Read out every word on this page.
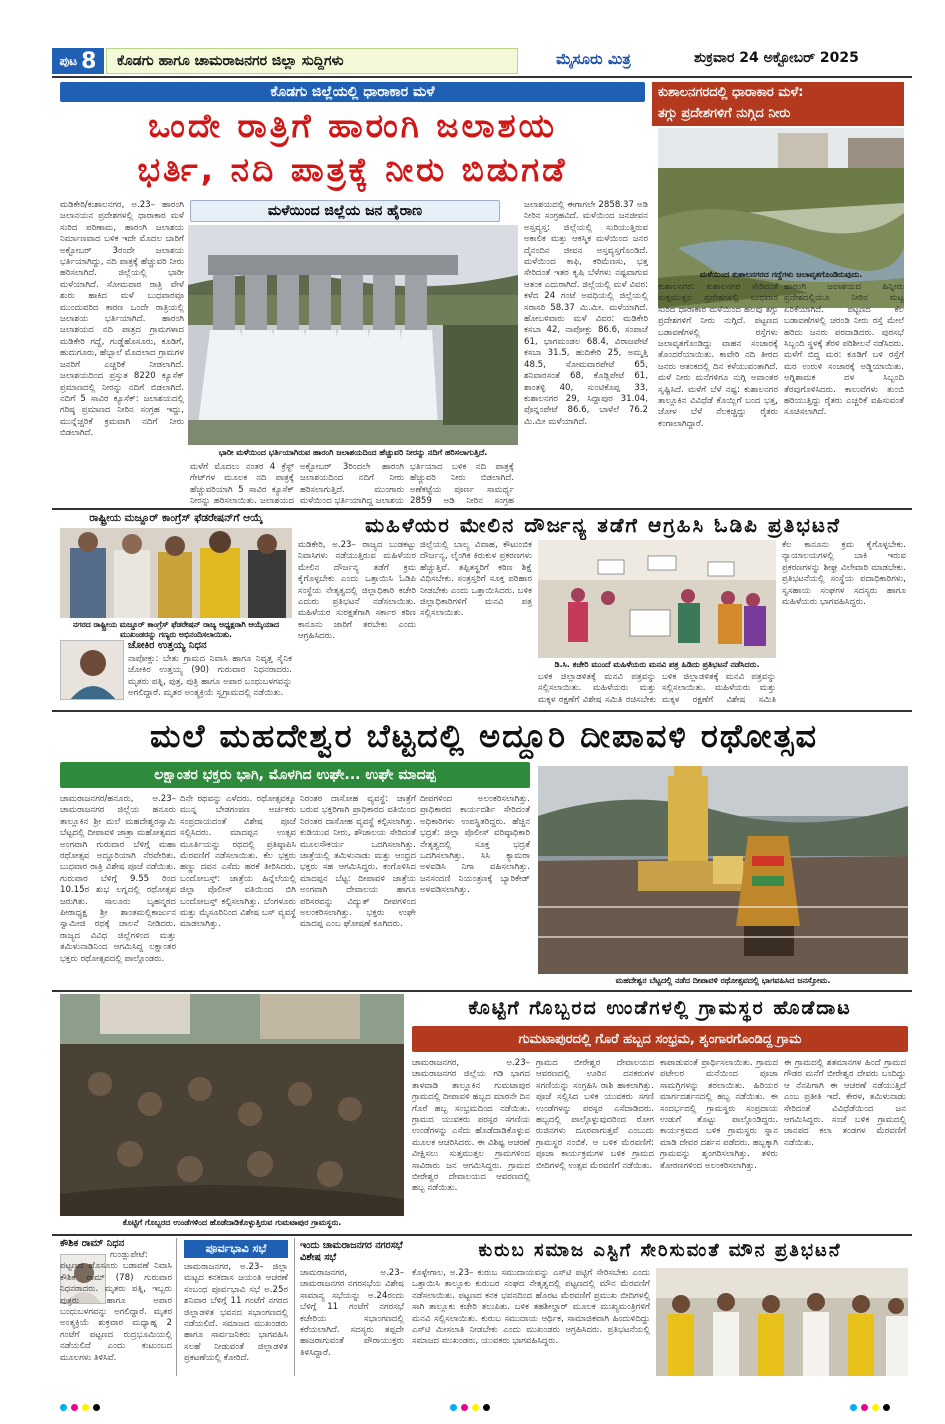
ಪುಟ 8	ಕೊಡಗು ಹಾಗೂ ಚಾಮರಾಜನಗರ ಜಿಲ್ಲಾ ಸುದ್ದಿಗಳು	ಮೈಸೂರು ಮಿತ್ರ	ಶುಕ್ರವಾರ 24 ಅಕ್ಟೋಬರ್ 2025
ಕೊಡಗು ಜಿಲ್ಲೆಯಲ್ಲಿ ಧಾರಾಕಾರ ಮಳೆ
ಒಂದೇ ರಾತ್ರಿಗೆ ಹಾರಂಗಿ ಜಲಾಶಯ
ಭರ್ತಿ, ನದಿ ಪಾತ್ರಕ್ಕೆ ನೀರು ಬಿಡುಗಡೆ
ಮಳೆಯಿಂದ ಜಿಲ್ಲೆಯ ಜನ ಹೈರಾಣ
ಮಡಿಕೇರಿ/ಕುಶಾಲನಗರ, ಅ.23– ಹಾರಂಗಿ ಜಲಾನಯನ ಪ್ರದೇಶಗಳಲ್ಲಿ ಧಾರಾಕಾರ ಮಳೆ ಸುರಿದ ಪರಿಣಾಮ, ಹಾರಂಗಿ ಜಲಾಶಯ ನಿರ್ಮಾಣವಾದ ಬಳಿಕ ಇದೇ ಮೊದಲ ಬಾರಿಗೆ ಅಕ್ಟೋಬರ್ 3ರಂದೇ ಜಲಾಶಯ ಭರ್ತಿಯಾಗಿದ್ದು, ನದಿ ಪಾತ್ರಕ್ಕೆ ಹೆಚ್ಚುವರಿ ನೀರು ಹರಿಸಲಾಗಿದೆ. ಜಿಲ್ಲೆಯಲ್ಲಿ ಭಾರೀ ಮಳೆಯಾಗಿದೆ. ಸೋಮವಾರ ರಾತ್ರಿ ವೇಳೆ ಶುರು ಹಾಕಿದ ಮಳೆ ಬುಧವಾರವೂ ಮುಂದುವರಿದ ಕಾರಣ ಒಂದೇ ರಾತ್ರಿಯಲ್ಲಿ ಜಲಾಶಯ ಭರ್ತಿಯಾಗಿದೆ. ಹಾರಂಗಿ ಜಲಾಶಯದ ನದಿ ಪಾತ್ರದ ಗ್ರಾಮಗಳಾದ ಮಡಿಕೇರಿ ಗದ್ದೆ, ಗುಡ್ಡೆಹೊಸೂರು, ಕೂಡಿಗೆ, ಹುದುಗೂರು, ಹೆಬ್ಬಾಲೆ ಮೊದಲಾದ ಗ್ರಾಮಗಳ ಜನರಿಗೆ ಎಚ್ಚರಿಕೆ ನೀಡಲಾಗಿದೆ. ಜಲಾಶಯದಿಂದ ಪ್ರಸ್ತುತ 8220 ಕ್ಯೂಸೆಕ್ ಪ್ರಮಾಣದಲ್ಲಿ ನೀರನ್ನು ನದಿಗೆ ಬಿಡಲಾಗಿದೆ. ನದಿಗೆ 5 ಸಾವಿರ ಕ್ಯೂಸೆಕ್: ಜಲಾಶಯದಲ್ಲಿ ಗರಿಷ್ಠ ಪ್ರಮಾಣದ ನೀರಿನ ಸಂಗ್ರಹ ಇದ್ದು, ಮುನ್ನೆಚ್ಚರಿಕೆ ಕ್ರಮವಾಗಿ ನದಿಗೆ ನೀರು ಬಿಡಲಾಗಿದೆ.
ಭಾರೀ ಮಳೆಯಿಂದ ಭರ್ತಿಯಾಗಿರುವ ಹಾರಂಗಿ ಜಲಾಶಯದಿಂದ ಹೆಚ್ಚುವರಿ ನೀರನ್ನು ನದಿಗೆ ಹರಿಸಲಾಗುತ್ತಿದೆ.
ಜಲಾಶಯದಲ್ಲಿ ಈಗಾಗಲೇ 2858.37 ಅಡಿ ನೀರಿನ ಸಂಗ್ರಹವಿದೆ. ಮಳೆಯಿಂದ ಜನಜೀವನ ಅಸ್ತವ್ಯಸ್ತ: ಜಿಲ್ಲೆಯಲ್ಲಿ ಸುರಿಯುತ್ತಿರುವ ಅಕಾಲಿಕ ಮತ್ತು ಆಕಸ್ಮಿಕ ಮಳೆಯಿಂದ ಜನರ ದೈನಂದಿನ ಜೀವನ ಅಸ್ತವ್ಯಸ್ತಗೊಂಡಿದೆ. ಮಳೆಯಿಂದ ಕಾಫಿ, ಕರಿಮೆಣಸು, ಭತ್ತ ಸೇರಿದಂತೆ ಇತರ ಕೃಷಿ ಬೆಳೆಗಳು ನಷ್ಟವಾಗುವ ಆತಂಕ ಎದುರಾಗಿದೆ. ಜಿಲ್ಲೆಯಲ್ಲಿ ಮಳೆ ವಿವರ: ಕಳೆದ 24 ಗಂಟೆ ಅವಧಿಯಲ್ಲಿ ಜಿಲ್ಲೆಯಲ್ಲಿ ಸರಾಸರಿ 58.37 ಮಿ.ಮೀ. ಮಳೆಯಾಗಿದೆ. ಹೋಬಳಿವಾರು ಮಳೆ ವಿವರ: ಮಡಿಕೇರಿ ಕಸಬಾ 42, ನಾಪೋಕ್ಲು 86.6, ಸಂಪಾಜೆ 61, ಭಾಗಮಂಡಲ 68.4, ವಿರಾಜಪೇಟೆ ಕಸಬಾ 31.5, ಹುದಿಕೇರಿ 25, ಅಮ್ಮತ್ತಿ 48.5, ಸೋಮವಾರಪೇಟೆ 65, ಶನಿವಾರಸಂತೆ 68, ಕೊಡ್ಲಿಪೇಟೆ 61, ಶಾಂತಳ್ಳಿ 40, ಸುಂಟಿಕೊಪ್ಪ 33, ಕುಶಾಲನಗರ 29, ಸಿದ್ದಾಪುರ 31.04, ಪೊನ್ನಂಪೇಟೆ 86.6, ಬಾಳೆಲೆ 76.2 ಮಿ.ಮೀ ಮಳೆಯಾಗಿದೆ.
ಮಳೆಗೆ ಮೊದಲು ನಂತರ 4 ಕ್ರೆಸ್ಟ್ ಗೇಟ್‌ಗಳ ಮೂಲಕ ನದಿ ಪಾತ್ರಕ್ಕೆ ಹೆಚ್ಚುವರಿಯಾಗಿ 5 ಸಾವಿರ ಕ್ಯೂಸೆಕ್ ನೀರನ್ನು ಹರಿಸಲಾಯಿತು. ಜಲಾಶಯದ
ಅಕ್ಟೋಬರ್ 3ರಿಂದಲೇ ಹಾರಂಗಿ ಜಲಾಶಯದಿಂದ ನದಿಗೆ ನೀರು ಹರಿಸಲಾಗುತ್ತಿದೆ. ಮುಂಗಾರು ಮಳೆಯಿಂದ ಭರ್ತಿಯಾಗಿದ್ದ ಜಲಾಶಯ
ಭರ್ತಿಯಾದ ಬಳಿಕ ನದಿ ಪಾತ್ರಕ್ಕೆ ಹೆಚ್ಚುವರಿ ನೀರು ಬಿಡಲಾಗಿದೆ. ಅಣೆಕಟ್ಟೆಯ ಪೂರ್ಣ ಸಾಮರ್ಥ್ಯ 2859 ಅಡಿ ನೀರಿನ ಸಂಗ್ರಹ
ಕುಶಾಲನಗರದಲ್ಲಿ ಧಾರಾಕಾರ ಮಳೆ:
ತಗ್ಗು ಪ್ರದೇಶಗಳಿಗೆ ನುಗ್ಗಿದ ನೀರು
ಮಳೆಯಿಂದ ಕುಶಾಲನಗರದ ಗದ್ದೆಗಳು ಜಲಾವೃತಗೊಂಡಿರುವುದು.
ಕುಶಾಲನಗರ: ಕುಶಾಲನಗರ ಸೇರಿದಂತೆ ಸುತ್ತಮುತ್ತಲ ಪ್ರದೇಶಗಳಲ್ಲಿ ಬುಧವಾರ ಸುರಿದ ಧಾರಾಕಾರ ಮಳೆಯಿಂದ ಹಲವು ತಗ್ಗು ಪ್ರದೇಶಗಳಿಗೆ ನೀರು ನುಗ್ಗಿದೆ. ಪಟ್ಟಣದ ಬಡಾವಣೆಗಳಲ್ಲಿ ರಸ್ತೆಗಳು ಜಲಾವೃತಗೊಂಡಿದ್ದು ವಾಹನ ಸಂಚಾರಕ್ಕೆ ತೊಂದರೆಯಾಯಿತು. ಕಾವೇರಿ ನದಿ ತೀರದ ಜನರು ಆತಂಕದಲ್ಲಿ ದಿನ ಕಳೆಯುವಂತಾಗಿದೆ. ಮಳೆ ನೀರು ಮನೆಗಳಿಗೂ ನುಗ್ಗಿ ಅವಾಂತರ ಸೃಷ್ಟಿಸಿದೆ. ಮಳೆಗೆ ಬೆಳೆ ನಷ್ಟ: ಕುಶಾಲನಗರ ತಾಲ್ಲೂಕಿನ ವಿವಿಧೆಡೆ ಕೊಯ್ಲಿಗೆ ಬಂದ ಭತ್ತ, ಜೋಳ ಬೆಳೆ ನೆಲಕಚ್ಚಿದ್ದು ರೈತರು ಕಂಗಾಲಾಗಿದ್ದಾರೆ.
ಹಾರಂಗಿ ಜಲಾಶಯದ ಹಿನ್ನೀರು ಪ್ರದೇಶದಲ್ಲಿಯೂ ನೀರಿನ ಮಟ್ಟ ಏರಿಕೆಯಾಗಿದೆ. ಪಟ್ಟಣದ ಕೆಲ ಬಡಾವಣೆಗಳಲ್ಲಿ ಚರಂಡಿ ನೀರು ರಸ್ತೆ ಮೇಲೆ ಹರಿದು ಜನರು ಪರದಾಡಿದರು. ಪುರಸಭೆ ಸಿಬ್ಬಂದಿ ಸ್ಥಳಕ್ಕೆ ತೆರಳಿ ಪರಿಶೀಲನೆ ನಡೆಸಿದರು. ಮಳೆಗೆ ಬಿದ್ದ ಮರ: ಕೂಡಿಗೆ ಬಳಿ ರಸ್ತೆಗೆ ಮರ ಉರುಳಿ ಸಂಚಾರಕ್ಕೆ ಅಡ್ಡಿಯಾಯಿತು. ಅಗ್ನಿಶಾಮಕ ದಳ ಸಿಬ್ಬಂದಿ ತೆರವುಗೊಳಿಸಿದರು. ಕಾಲುವೆಗಳು ತುಂಬಿ ಹರಿಯುತ್ತಿದ್ದು ರೈತರು ಎಚ್ಚರಿಕೆ ವಹಿಸುವಂತೆ ಸೂಚಿಸಲಾಗಿದೆ.
ರಾಷ್ಟ್ರೀಯ ಮಜ್ದೂರ್ ಕಾಂಗ್ರೆಸ್ ಫೆಡರೇಷನ್‌ಗೆ ಆಯ್ಕೆ
ನಗರದ ರಾಷ್ಟ್ರೀಯ ಮಜ್ದೂರ್ ಕಾಂಗ್ರೆಸ್ ಫೆಡರೇಷನ್ ರಾಜ್ಯ ಅಧ್ಯಕ್ಷರಾಗಿ ಆಯ್ಕೆಯಾದ ಮುಖಂಡರನ್ನು ಗಣ್ಯರು ಅಭಿನಂದಿಸಲಾಯಿತು.
ಚೋಕಿರ ಉತ್ತಯ್ಯ ನಿಧನ
ನಾಪೋಕ್ಲು: ಬೇತು ಗ್ರಾಮದ ನಿವಾಸಿ ಹಾಗೂ ನಿವೃತ್ತ ಸೈನಿಕ ಚೋಕಿರ ಉತ್ತಯ್ಯ (90) ಗುರುವಾರ ನಿಧನರಾದರು. ಮೃತರು ಪತ್ನಿ, ಪುತ್ರ, ಪುತ್ರಿ ಹಾಗೂ ಅಪಾರ ಬಂಧುಬಳಗವನ್ನು ಅಗಲಿದ್ದಾರೆ. ಮೃತರ ಅಂತ್ಯಕ್ರಿಯೆ ಸ್ವಗ್ರಾಮದಲ್ಲಿ ನಡೆಯಿತು.
ಮಹಿಳೆಯರ ಮೇಲಿನ ದೌರ್ಜನ್ಯ ತಡೆಗೆ ಆಗ್ರಹಿಸಿ ಓಡಿಪಿ ಪ್ರತಿಭಟನೆ
ಮಡಿಕೇರಿ, ಅ.23– ರಾಜ್ಯದ ಬುಡಕಟ್ಟು ನಿವಾಸಿಗಳು ನಡೆಯುತ್ತಿರುವ ಮಹಿಳೆಯರ ಮೇಲಿನ ದೌರ್ಜನ್ಯ ತಡೆಗೆ ಕ್ರಮ ಕೈಗೊಳ್ಳಬೇಕು ಎಂದು ಒತ್ತಾಯಿಸಿ ಓಡಿಪಿ ಸಂಸ್ಥೆಯ ನೇತೃತ್ವದಲ್ಲಿ ಜಿಲ್ಲಾಧಿಕಾರಿ ಕಚೇರಿ ಎದುರು ಪ್ರತಿಭಟನೆ ನಡೆಸಲಾಯಿತು. ಮಹಿಳೆಯರ ಸುರಕ್ಷತೆಗಾಗಿ ಸರ್ಕಾರ ಕಠಿಣ ಕಾನೂನು ಜಾರಿಗೆ ತರಬೇಕು ಎಂದು ಆಗ್ರಹಿಸಿದರು.
ಜಿಲ್ಲೆಯಲ್ಲಿ ಬಾಲ್ಯ ವಿವಾಹ, ಕೌಟುಂಬಿಕ ದೌರ್ಜನ್ಯ, ಲೈಂಗಿಕ ಕಿರುಕುಳ ಪ್ರಕರಣಗಳು ಹೆಚ್ಚುತ್ತಿವೆ. ತಪ್ಪಿತಸ್ಥರಿಗೆ ಕಠಿಣ ಶಿಕ್ಷೆ ವಿಧಿಸಬೇಕು. ಸಂತ್ರಸ್ತರಿಗೆ ಸೂಕ್ತ ಪರಿಹಾರ ನೀಡಬೇಕು ಎಂದು ಒತ್ತಾಯಿಸಿದರು. ಬಳಿಕ ಜಿಲ್ಲಾಧಿಕಾರಿಗಳಿಗೆ ಮನವಿ ಪತ್ರ ಸಲ್ಲಿಸಲಾಯಿತು.
ಡಿ.ಸಿ. ಕಚೇರಿ ಮುಂದೆ ಮಹಿಳೆಯರು ಮನವಿ ಪತ್ರ ಹಿಡಿದು ಪ್ರತಿಭಟನೆ ನಡೆಸಿದರು.
ಬಳಿಕ ಜಿಲ್ಲಾಡಳಿತಕ್ಕೆ ಮನವಿ ಪತ್ರವನ್ನು ಸಲ್ಲಿಸಲಾಯಿತು. ಮಹಿಳೆಯರು ಮತ್ತು ಮಕ್ಕಳ ರಕ್ಷಣೆಗೆ ವಿಶೇಷ ಸಮಿತಿ ರಚಿಸಬೇಕು
ಬಳಿಕ ಜಿಲ್ಲಾಡಳಿತಕ್ಕೆ ಮನವಿ ಪತ್ರವನ್ನು ಸಲ್ಲಿಸಲಾಯಿತು. ಮಹಿಳೆಯರು ಮತ್ತು ಮಕ್ಕಳ ರಕ್ಷಣೆಗೆ ವಿಶೇಷ ಸಮಿತಿ
ಕೆಲ ಕಾನೂನು ಕ್ರಮ ಕೈಗೊಳ್ಳಬೇಕು. ನ್ಯಾಯಾಲಯಗಳಲ್ಲಿ ಬಾಕಿ ಇರುವ ಪ್ರಕರಣಗಳನ್ನು ಶೀಘ್ರ ವಿಲೇವಾರಿ ಮಾಡಬೇಕು. ಪ್ರತಿಭಟನೆಯಲ್ಲಿ ಸಂಸ್ಥೆಯ ಪದಾಧಿಕಾರಿಗಳು, ಸ್ವಸಹಾಯ ಸಂಘಗಳ ಸದಸ್ಯರು ಹಾಗೂ ಮಹಿಳೆಯರು ಭಾಗವಹಿಸಿದ್ದರು.
ಮಲೆ ಮಹದೇಶ್ವರ ಬೆಟ್ಟದಲ್ಲಿ ಅದ್ದೂರಿ ದೀಪಾವಳಿ ರಥೋತ್ಸವ
ಲಕ್ಷಾಂತರ ಭಕ್ತರು ಭಾಗಿ, ಮೊಳಗಿದ ಉಘೇ... ಉಘೇ ಮಾದಪ್ಪ
ಚಾಮರಾಜನಗರ/ಹನೂರು, ಅ.23– ಚಾಮರಾಜನಗರ ಜಿಲ್ಲೆಯ ಹನೂರು ತಾಲ್ಲೂಕಿನ ಶ್ರೀ ಮಲೆ ಮಹದೇಶ್ವರಸ್ವಾಮಿ ಬೆಟ್ಟದಲ್ಲಿ ದೀಪಾವಳಿ ಜಾತ್ರಾ ಮಹೋತ್ಸವದ ಅಂಗವಾಗಿ ಗುರುವಾರ ಬೆಳಿಗ್ಗೆ ಮಹಾ ರಥೋತ್ಸವ ಅದ್ದೂರಿಯಾಗಿ ನೆರವೇರಿತು. ಬುಧವಾರ ರಾತ್ರಿ ವಿಶೇಷ ಪೂಜೆ ನಡೆಯಿತು. ಗುರುವಾರ ಬೆಳಿಗ್ಗೆ 9.55 ರಿಂದ 10.15ರ ಶುಭ ಲಗ್ನದಲ್ಲಿ ರಥೋತ್ಸವ ಜರುಗಿತು. ಸಾಲೂರು ಬೃಹನ್ಮಠದ ಪೀಠಾಧ್ಯಕ್ಷ ಶ್ರೀ ಶಾಂತಮಲ್ಲಿಕಾರ್ಜುನ ಸ್ವಾಮೀಜಿ ರಥಕ್ಕೆ ಚಾಲನೆ ನೀಡಿದರು. ರಾಜ್ಯದ ವಿವಿಧ ಜಿಲ್ಲೆಗಳಿಂದ ಮತ್ತು ತಮಿಳುನಾಡಿನಿಂದ ಆಗಮಿಸಿದ್ದ ಲಕ್ಷಾಂತರ ಭಕ್ತರು ರಥೋತ್ಸವದಲ್ಲಿ ಪಾಲ್ಗೊಂಡರು.
ದಿನೇ ರಥವನ್ನು ಎಳೆದರು. ರಥೋತ್ಸವಕ್ಕೂ ಮುನ್ನ ಬೇಡಗಂಪಣ ಅರ್ಚಕರು ಸಂಪ್ರದಾಯದಂತೆ ವಿಶೇಷ ಪೂಜೆ ಸಲ್ಲಿಸಿದರು. ಮಾದಪ್ಪನ ಉತ್ಸವ ಮೂರ್ತಿಯನ್ನು ರಥದಲ್ಲಿ ಪ್ರತಿಷ್ಠಾಪಿಸಿ ಮೆರವಣಿಗೆ ನಡೆಸಲಾಯಿತು. ಕೆಲ ಭಕ್ತರು ಹಣ್ಣು ದವನ ಎಸೆದು ಹರಕೆ ತೀರಿಸಿದರು. ಬಂದೋಬಸ್ತ್: ಜಾತ್ರೆಯ ಹಿನ್ನೆಲೆಯಲ್ಲಿ ಜಿಲ್ಲಾ ಪೊಲೀಸ್ ವತಿಯಿಂದ ಬಿಗಿ ಬಂದೋಬಸ್ತ್ ಕಲ್ಪಿಸಲಾಗಿತ್ತು. ಬೆಂಗಳೂರು ಮತ್ತು ಮೈಸೂರಿನಿಂದ ವಿಶೇಷ ಬಸ್ ವ್ಯವಸ್ಥೆ ಮಾಡಲಾಗಿತ್ತು.
ನಿರಂತರ ದಾಸೋಹ ವ್ಯವಸ್ಥೆ: ಜಾತ್ರೆಗೆ ಬರುವ ಭಕ್ತರಿಗಾಗಿ ಪ್ರಾಧಿಕಾರದ ವತಿಯಿಂದ ನಿರಂತರ ದಾಸೋಹ ವ್ಯವಸ್ಥೆ ಕಲ್ಪಿಸಲಾಗಿತ್ತು. ಕುಡಿಯುವ ನೀರು, ಶೌಚಾಲಯ ಸೇರಿದಂತೆ ಮೂಲಸೌಕರ್ಯ ಒದಗಿಸಲಾಗಿತ್ತು. ಜಾತ್ರೆಯಲ್ಲಿ ತಮಿಳುನಾಡು ಮತ್ತು ಆಂಧ್ರದ ಭಕ್ತರು ಸಹ ಆಗಮಿಸಿದ್ದರು. ಕಂಗೊಳಿಸಿದ ಮಾದಪ್ಪನ ಬೆಟ್ಟ: ದೀಪಾವಳಿ ಜಾತ್ರೆಯ ಅಂಗವಾಗಿ ದೇವಾಲಯ ಹಾಗೂ ಪರಿಸರವನ್ನು ವಿದ್ಯುತ್ ದೀಪಗಳಿಂದ ಅಲಂಕರಿಸಲಾಗಿತ್ತು. ಭಕ್ತರು ಉಘೇ ಮಾದಪ್ಪ ಎಂಬ ಘೋಷಣೆ ಕೂಗಿದರು.
ದೀಪಗಳಿಂದ ಅಲಂಕರಿಸಲಾಗಿತ್ತು. ಪ್ರಾಧಿಕಾರದ ಕಾರ್ಯದರ್ಶಿ ಸೇರಿದಂತೆ ಅಧಿಕಾರಿಗಳು ಉಪಸ್ಥಿತರಿದ್ದರು. ಹೆಚ್ಚಿನ ಭದ್ರತೆ: ಜಿಲ್ಲಾ ಪೊಲೀಸ್ ವರಿಷ್ಠಾಧಿಕಾರಿ ನೇತೃತ್ವದಲ್ಲಿ ಸೂಕ್ತ ಭದ್ರತೆ ಒದಗಿಸಲಾಗಿತ್ತು. ಸಿಸಿ ಕ್ಯಾಮರಾ ಅಳವಡಿಸಿ ನಿಗಾ ವಹಿಸಲಾಗಿತ್ತು. ಜನಸಂದಣಿ ನಿಯಂತ್ರಣಕ್ಕೆ ಬ್ಯಾರಿಕೇಡ್ ಅಳವಡಿಸಲಾಗಿತ್ತು.
ಮಹದೇಶ್ವರ ಬೆಟ್ಟದಲ್ಲಿ ನಡೆದ ದೀಪಾವಳಿ ರಥೋತ್ಸವದಲ್ಲಿ ಭಾಗವಹಿಸಿದ ಜನಸ್ತೋಮ.
ಕೊಟ್ಟಿಗೆ ಗೊಬ್ಬರದ ಉಂಡೆಗಳಿಂದ ಹೊಡೆದಾಡಿಕೊಳ್ಳುತ್ತಿರುವ ಗುಮಟಾಪುರ ಗ್ರಾಮಸ್ಥರು.
ಕೊಟ್ಟಿಗೆ ಗೊಬ್ಬರದ ಉಂಡೆಗಳಲ್ಲಿ ಗ್ರಾಮಸ್ಥರ ಹೊಡೆದಾಟ
ಗುಮಟಾಪುರದಲ್ಲಿ ಗೊರೆ ಹಬ್ಬದ ಸಂಭ್ರಮ, ಶೃಂಗಾರಗೊಂಡಿದ್ದ ಗ್ರಾಮ
ಚಾಮರಾಜನಗರ, ಅ.23– ಚಾಮರಾಜನಗರ ಜಿಲ್ಲೆಯ ಗಡಿ ಭಾಗದ ತಾಳವಾಡಿ ತಾಲ್ಲೂಕಿನ ಗುಮಟಾಪುರ ಗ್ರಾಮದಲ್ಲಿ ದೀಪಾವಳಿ ಹಬ್ಬದ ಮಾರನೇ ದಿನ ಗೊರೆ ಹಬ್ಬ ಸಂಭ್ರಮದಿಂದ ನಡೆಯಿತು. ಗ್ರಾಮದ ಯುವಕರು ಪರಸ್ಪರ ಸಗಣಿಯ ಉಂಡೆಗಳನ್ನು ಎಸೆದು ಹೊಡೆದಾಡಿಕೊಳ್ಳುವ ಮೂಲಕ ಆಚರಿಸಿದರು. ಈ ವಿಶಿಷ್ಟ ಆಚರಣೆ ವೀಕ್ಷಿಸಲು ಸುತ್ತಮುತ್ತಲ ಗ್ರಾಮಗಳಿಂದ ಸಾವಿರಾರು ಜನ ಆಗಮಿಸಿದ್ದರು. ಗ್ರಾಮದ ಬೀರೇಶ್ವರ ದೇವಾಲಯದ ಆವರಣದಲ್ಲಿ ಹಬ್ಬ ನಡೆಯಿತು.
ಗ್ರಾಮದ ಬೀರೇಶ್ವರ ದೇವಾಲಯದ ಆವರಣದಲ್ಲಿ ಊರಿನ ದನಕರುಗಳ ಸಗಣಿಯನ್ನು ಸಂಗ್ರಹಿಸಿ ರಾಶಿ ಹಾಕಲಾಗಿತ್ತು. ಪೂಜೆ ಸಲ್ಲಿಸಿದ ಬಳಿಕ ಯುವಕರು ಸಗಣಿ ಉಂಡೆಗಳನ್ನು ಪರಸ್ಪರ ಎಸೆದಾಡಿದರು. ಹಬ್ಬದಲ್ಲಿ ಪಾಲ್ಗೊಳ್ಳುವುದರಿಂದ ರೋಗ ರುಜಿನಗಳು ದೂರವಾಗುತ್ತವೆ ಎಂಬುದು ಗ್ರಾಮಸ್ಥರ ನಂಬಿಕೆ. ಆ ಬಳಿಕ ಮೆರವಣಿಗೆ: ಪೂಜಾ ಕಾರ್ಯಕ್ರಮಗಳ ಬಳಿಕ ಗ್ರಾಮದ ಬೀದಿಗಳಲ್ಲಿ ಉತ್ಸವ ಮೆರವಣಿಗೆ ನಡೆಯಿತು.
ಕಾಪಾಡುವಂತೆ ಪ್ರಾರ್ಥಿಸಲಾಯಿತು. ಗ್ರಾಮದ ಪಟೇಲರ ಮನೆಯಿಂದ ಪೂಜಾ ಸಾಮಗ್ರಿಗಳನ್ನು ತರಲಾಯಿತು. ಹಿರಿಯರ ಮಾರ್ಗದರ್ಶನದಲ್ಲಿ ಹಬ್ಬ ನಡೆಯಿತು. ಈ ಸಂದರ್ಭದಲ್ಲಿ ಗ್ರಾಮಸ್ಥರು ಸಂಪ್ರದಾಯ ಉಡುಗೆ ತೊಟ್ಟು ಪಾಲ್ಗೊಂಡಿದ್ದರು. ಕಾರ್ಯಕ್ರಮದ ಬಳಿಕ ಗ್ರಾಮಸ್ಥರು ಸ್ನಾನ ಮಾಡಿ ದೇವರ ದರ್ಶನ ಪಡೆದರು. ಹಬ್ಬಕ್ಕಾಗಿ ಗ್ರಾಮವನ್ನು ಶೃಂಗರಿಸಲಾಗಿತ್ತು. ತಳಿರು ತೋರಣಗಳಿಂದ ಅಲಂಕರಿಸಲಾಗಿತ್ತು.
ಈ ಗ್ರಾಮದಲ್ಲಿ ಶತಮಾನಗಳ ಹಿಂದೆ ಗ್ರಾಮದ ಗೌಡರ ಮನೆಗೆ ಬೀರೇಶ್ವರ ದೇವರು ಬಂದಿದ್ದು ಆ ನೆನಪಿಗಾಗಿ ಈ ಆಚರಣೆ ನಡೆಯುತ್ತಿದೆ ಎಂಬ ಪ್ರತೀತಿ ಇದೆ. ಕೇರಳ, ತಮಿಳುನಾಡು ಸೇರಿದಂತೆ ವಿವಿಧೆಡೆಯಿಂದ ಜನ ಆಗಮಿಸಿದ್ದರು. ಸಂಜೆ ಬಳಿಕ ಗ್ರಾಮದಲ್ಲಿ ಜಾನಪದ ಕಲಾ ತಂಡಗಳ ಮೆರವಣಿಗೆ ನಡೆಯಿತು.
ಕೌಶಿಕ ರಾಮ್ ನಿಧನ
ಗುಂಡ್ಲುಪೇಟೆ: ಪಟ್ಟಣದ ಹೊಸೂರು ಬಡಾವಣೆ ನಿವಾಸಿ ಕೌಶಿಕ ರಾಮ್ (78) ಗುರುವಾರ ನಿಧನರಾದರು. ಮೃತರು ಪತ್ನಿ, ಇಬ್ಬರು ಪುತ್ರರು ಹಾಗೂ ಅಪಾರ ಬಂಧುಬಳಗವನ್ನು ಅಗಲಿದ್ದಾರೆ. ಮೃತರ ಅಂತ್ಯಕ್ರಿಯೆ ಶುಕ್ರವಾರ ಮಧ್ಯಾಹ್ನ 2 ಗಂಟೆಗೆ ಪಟ್ಟಣದ ರುದ್ರಭೂಮಿಯಲ್ಲಿ ನಡೆಯಲಿದೆ ಎಂದು ಕುಟುಂಬದ ಮೂಲಗಳು ತಿಳಿಸಿವೆ.
ಪೂರ್ವಭಾವಿ ಸಭೆ
ಚಾಮರಾಜನಗರ, ಅ.23– ಜಿಲ್ಲಾ ಮಟ್ಟದ ಕನಕದಾಸ ಜಯಂತಿ ಆಚರಣೆ ಸಂಬಂಧ ಪೂರ್ವಭಾವಿ ಸಭೆ ಅ.25ರ ಶನಿವಾರ ಬೆಳಿಗ್ಗೆ 11 ಗಂಟೆಗೆ ನಗರದ ಜಿಲ್ಲಾಡಳಿತ ಭವನದ ಸಭಾಂಗಣದಲ್ಲಿ ನಡೆಯಲಿದೆ. ಸಮಾಜದ ಮುಖಂಡರು ಹಾಗೂ ಸಾರ್ವಜನಿಕರು ಭಾಗವಹಿಸಿ ಸಲಹೆ ನೀಡುವಂತೆ ಜಿಲ್ಲಾಡಳಿತ ಪ್ರಕಟಣೆಯಲ್ಲಿ ಕೋರಿದೆ.
ಇಂದು ಚಾಮರಾಜನಗರ ನಗರಸಭೆ ವಿಶೇಷ ಸಭೆ
ಚಾಮರಾಜನಗರ, ಅ.23– ಚಾಮರಾಜನಗರ ನಗರಸಭೆಯ ವಿಶೇಷ ಸಾಮಾನ್ಯ ಸಭೆಯನ್ನು ಅ.24ರಂದು ಬೆಳಿಗ್ಗೆ 11 ಗಂಟೆಗೆ ನಗರಸಭೆ ಕಚೇರಿಯ ಸಭಾಂಗಣದಲ್ಲಿ ಕರೆಯಲಾಗಿದೆ. ಸದಸ್ಯರು ತಪ್ಪದೇ ಹಾಜರಾಗುವಂತೆ ಪೌರಾಯುಕ್ತರು ತಿಳಿಸಿದ್ದಾರೆ.
ಕುರುಬ ಸಮಾಜ ಎಸ್ಟಿಗೆ ಸೇರಿಸುವಂತೆ ಮೌನ ಪ್ರತಿಭಟನೆ
ಕೊಳ್ಳೇಗಾಲ, ಅ.23– ಕುರುಬ ಸಮುದಾಯವನ್ನು ಎಸ್‌ಟಿ ಪಟ್ಟಿಗೆ ಸೇರಿಸಬೇಕು ಎಂದು ಒತ್ತಾಯಿಸಿ ತಾಲ್ಲೂಕು ಕುರುಬರ ಸಂಘದ ನೇತೃತ್ವದಲ್ಲಿ ಪಟ್ಟಣದಲ್ಲಿ ಮೌನ ಮೆರವಣಿಗೆ ನಡೆಸಲಾಯಿತು. ಪಟ್ಟಣದ ಕನಕ ಭವನದಿಂದ ಹೊರಟ ಮೆರವಣಿಗೆ ಪ್ರಮುಖ ಬೀದಿಗಳಲ್ಲಿ ಸಾಗಿ ತಾಲ್ಲೂಕು ಕಚೇರಿ ತಲುಪಿತು. ಬಳಿಕ ತಹಶೀಲ್ದಾರ್ ಮೂಲಕ ಮುಖ್ಯಮಂತ್ರಿಗಳಿಗೆ ಮನವಿ ಸಲ್ಲಿಸಲಾಯಿತು. ಕುರುಬ ಸಮುದಾಯ ಆರ್ಥಿಕ, ಸಾಮಾಜಿಕವಾಗಿ ಹಿಂದುಳಿದಿದ್ದು ಎಸ್‌ಟಿ ಮೀಸಲಾತಿ ನೀಡಬೇಕು ಎಂದು ಮುಖಂಡರು ಆಗ್ರಹಿಸಿದರು. ಪ್ರತಿಭಟನೆಯಲ್ಲಿ ಸಮಾಜದ ಮುಖಂಡರು, ಯುವಕರು ಭಾಗವಹಿಸಿದ್ದರು.
